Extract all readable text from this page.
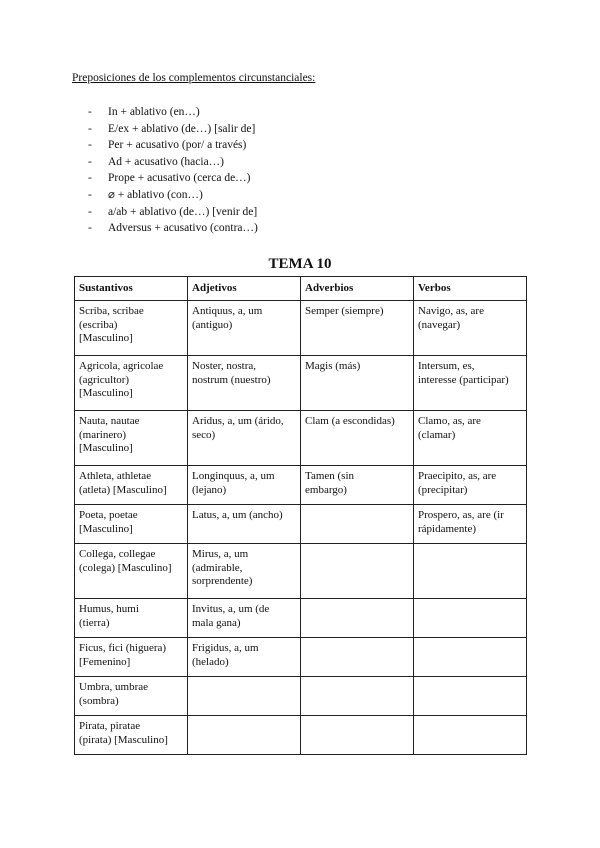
Preposiciones de los complementos circunstanciales:
- In + ablativo (en…)
- E/ex + ablativo (de…) [salir de]
- Per + acusativo (por/ a través)
- Ad + acusativo (hacia…)
- Prope + acusativo (cerca de…)
- ⌀ + ablativo (con…)
- a/ab + ablativo (de…) [venir de]
- Adversus + acusativo (contra…)
TEMA 10
Sustantivos	Adjetivos	Adverbios	Verbos

Scriba, scribae
(escriba)
[Masculino]	Antiquus, a, um
(antiguo)	Semper (siempre)	Navigo, as, are
(navegar)

Agricola, agricolae
(agricultor)
[Masculino]	Noster, nostra,
nostrum (nuestro)	Magis (más)	Intersum, es,
interesse (participar)

Nauta, nautae
(marinero)
[Masculino]	Aridus, a, um (árido,
seco)	Clam (a escondidas)	Clamo, as, are
(clamar)

Athleta, athletae
(atleta) [Masculino]	Longinquus, a, um
(lejano)	Tamen (sin
embargo)	Praecipito, as, are
(precipitar)

Poeta, poetae
[Masculino]	Latus, a, um (ancho)		Prospero, as, are (ir
rápidamente)

Collega, collegae
(colega) [Masculino]	Mirus, a, um
(admirable,
sorprendente)		

Humus, humi
(tierra)	Invitus, a, um (de
mala gana)		

Ficus, fici (higuera)
[Femenino]	Frigidus, a, um
(helado)		

Umbra, umbrae
(sombra)			

Pirata, piratae
(pirata) [Masculino]			
